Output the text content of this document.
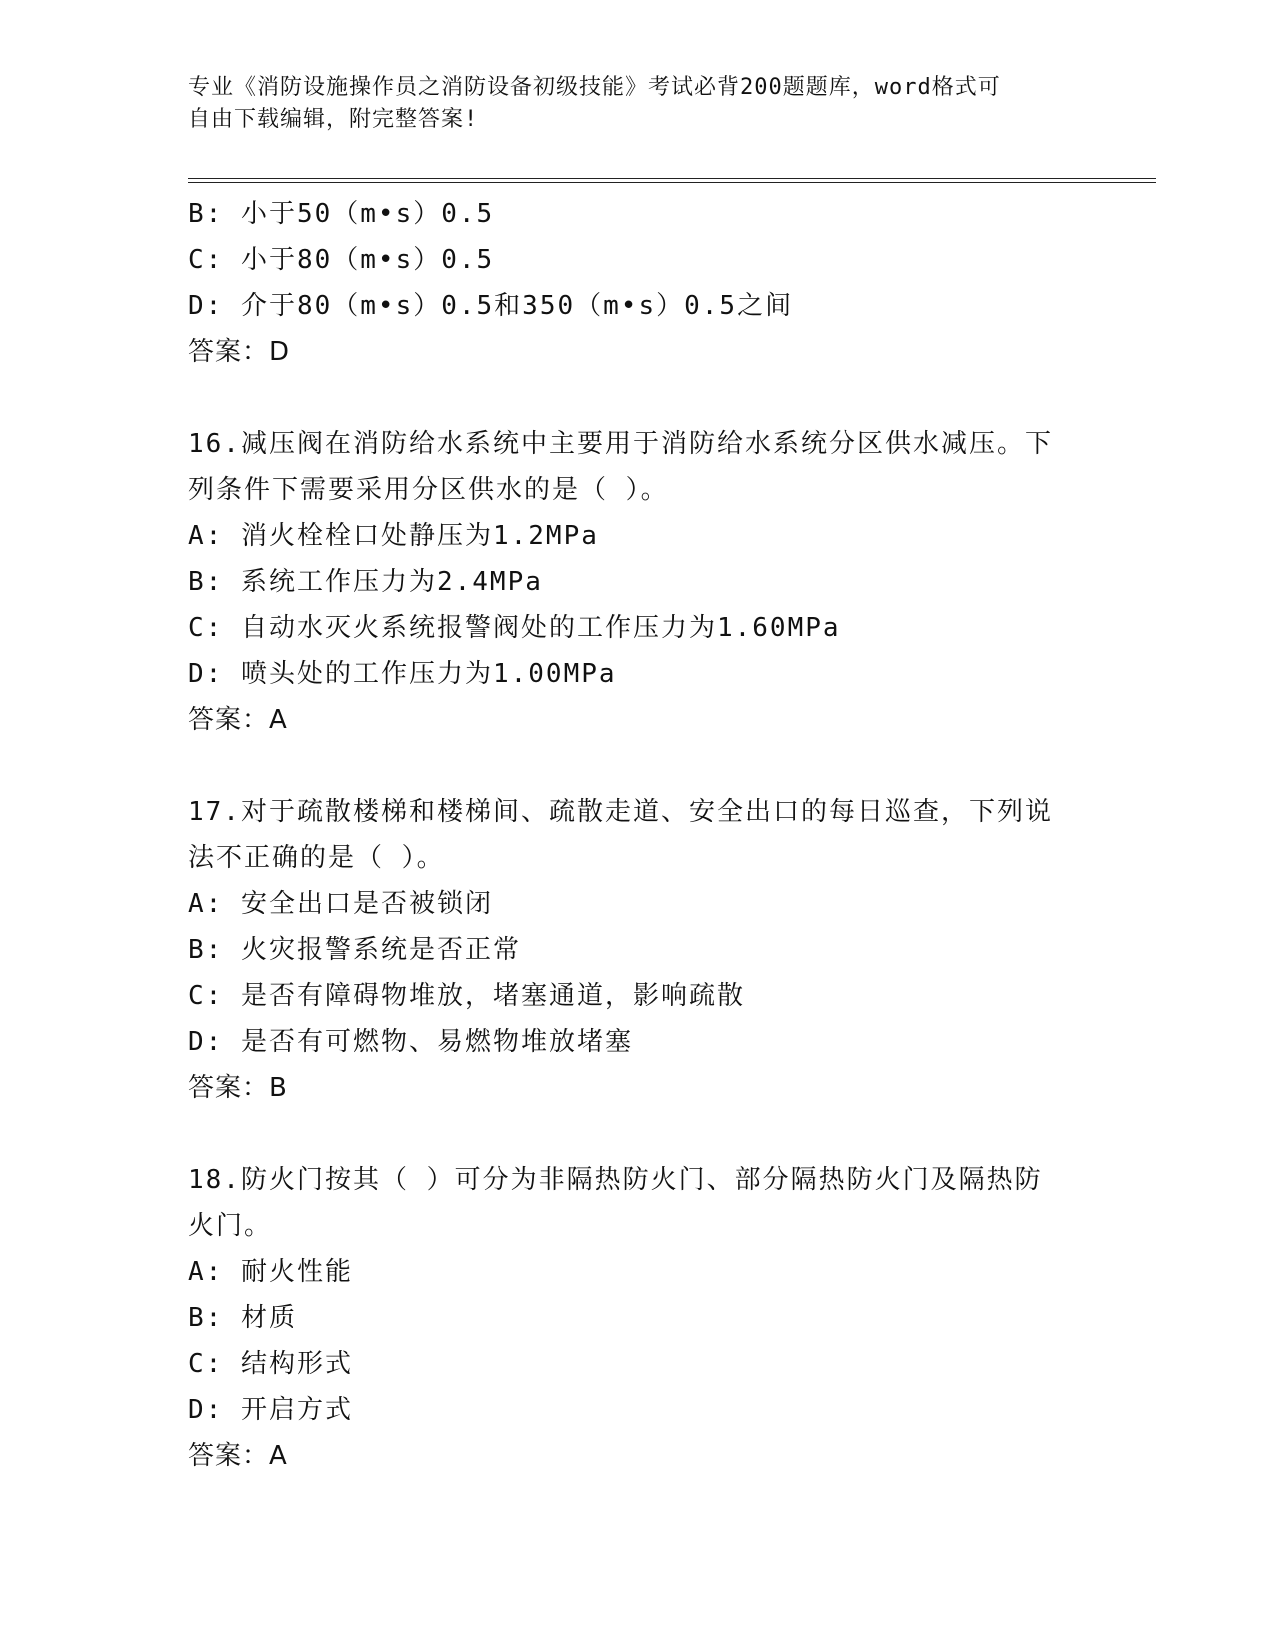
专业《消防设施操作员之消防设备初级技能》考试必背200题题库，word格式可
自由下载编辑，附完整答案!
B: 小于50（m•s）0.5
C: 小于80（m•s）0.5
D: 介于80（m•s）0.5和350（m•s）0.5之间
答案：D
16.减压阀在消防给水系统中主要用于消防给水系统分区供水减压。下
列条件下需要采用分区供水的是（ ）。
A: 消火栓栓口处静压为1.2MPa
B: 系统工作压力为2.4MPa
C: 自动水灭火系统报警阀处的工作压力为1.60MPa
D: 喷头处的工作压力为1.00MPa
答案：A
17.对于疏散楼梯和楼梯间、疏散走道、安全出口的每日巡查，下列说
法不正确的是（ ）。
A: 安全出口是否被锁闭
B: 火灾报警系统是否正常
C: 是否有障碍物堆放，堵塞通道，影响疏散
D: 是否有可燃物、易燃物堆放堵塞
答案：B
18.防火门按其（ ）可分为非隔热防火门、部分隔热防火门及隔热防
火门。
A: 耐火性能
B: 材质
C: 结构形式
D: 开启方式
答案：A
